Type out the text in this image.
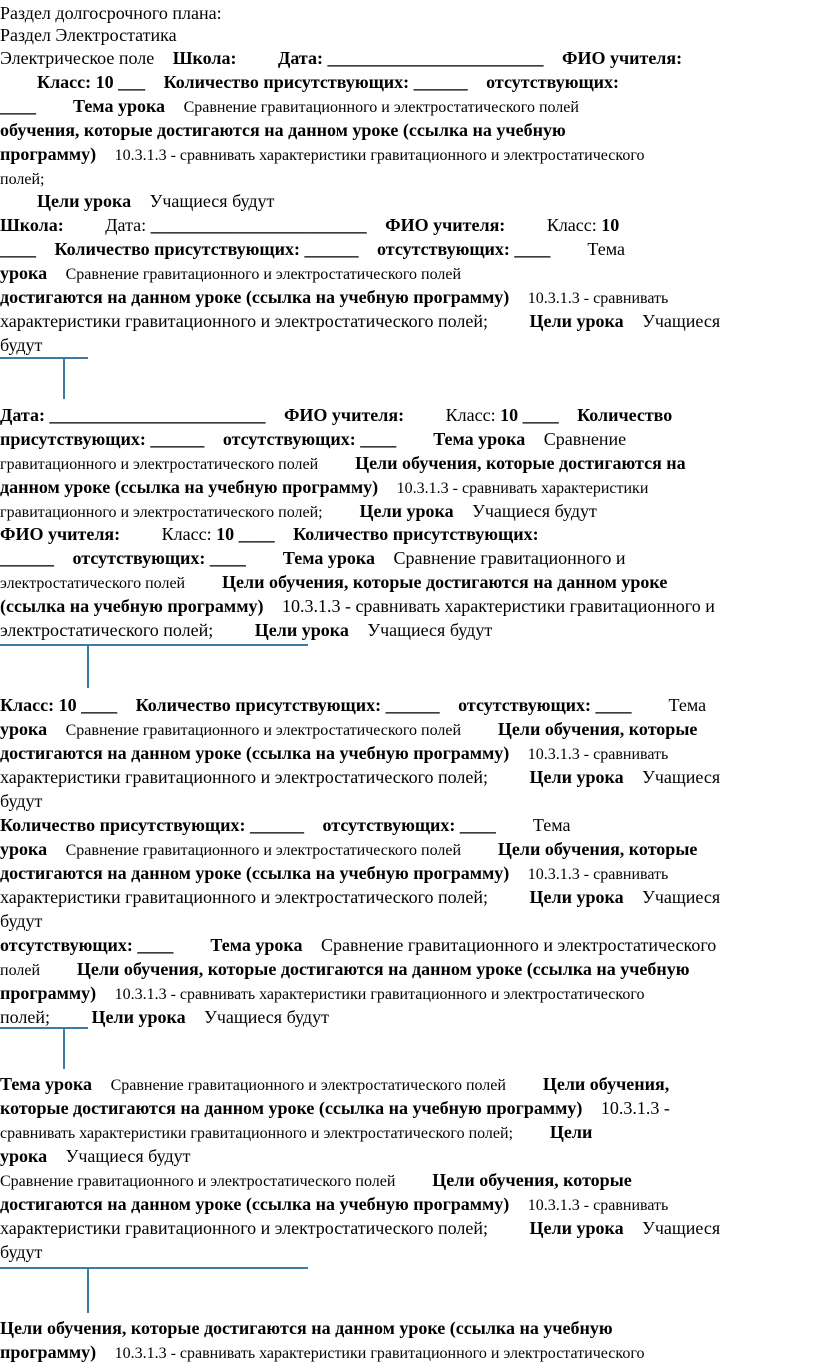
Раздел долгосрочного плана:
Раздел Электростатика
Электрическое поле Школа: Дата: ________________________ ФИО учителя:
Класс: 10 ___ Количество присутствующих: ______ отсутствующих:
____ Тема урока Сравнение гравитационного и электростатического полей
обучения, которые достигаются на данном уроке (ссылка на учебную
программу) 10.3.1.3 - сравнивать характеристики гравитационного и электростатического
полей;
Цели урока Учащиеся будут
Школа: Дата: ________________________ ФИО учителя: Класс: 10
____ Количество присутствующих: ______ отсутствующих: ____ Тема
урока Сравнение гравитационного и электростатического полей
достигаются на данном уроке (ссылка на учебную программу) 10.3.1.3 - сравнивать
характеристики гравитационного и электростатического полей; Цели урока Учащиеся
будут
Дата: ________________________ ФИО учителя: Класс: 10 ____ Количество
присутствующих: ______ отсутствующих: ____ Тема урока Сравнение
гравитационного и электростатического полей Цели обучения, которые достигаются на
данном уроке (ссылка на учебную программу) 10.3.1.3 - сравнивать характеристики
гравитационного и электростатического полей; Цели урока Учащиеся будут
ФИО учителя: Класс: 10 ____ Количество присутствующих:
______ отсутствующих: ____ Тема урока Сравнение гравитационного и
электростатического полей Цели обучения, которые достигаются на данном уроке
(ссылка на учебную программу) 10.3.1.3 - сравнивать характеристики гравитационного и
электростатического полей; Цели урока Учащиеся будут
Класс: 10 ____ Количество присутствующих: ______ отсутствующих: ____ Тема
урока Сравнение гравитационного и электростатического полей Цели обучения, которые
достигаются на данном уроке (ссылка на учебную программу) 10.3.1.3 - сравнивать
характеристики гравитационного и электростатического полей; Цели урока Учащиеся
будут
Количество присутствующих: ______ отсутствующих: ____ Тема
урока Сравнение гравитационного и электростатического полей Цели обучения, которые
достигаются на данном уроке (ссылка на учебную программу) 10.3.1.3 - сравнивать
характеристики гравитационного и электростатического полей; Цели урока Учащиеся
будут
отсутствующих: ____ Тема урока Сравнение гравитационного и электростатического
полей Цели обучения, которые достигаются на данном уроке (ссылка на учебную
программу) 10.3.1.3 - сравнивать характеристики гравитационного и электростатического
полей; Цели урока Учащиеся будут
Тема урока Сравнение гравитационного и электростатического полей Цели обучения,
которые достигаются на данном уроке (ссылка на учебную программу) 10.3.1.3 -
сравнивать характеристики гравитационного и электростатического полей; Цели
урока Учащиеся будут
Сравнение гравитационного и электростатического полей Цели обучения, которые
достигаются на данном уроке (ссылка на учебную программу) 10.3.1.3 - сравнивать
характеристики гравитационного и электростатического полей; Цели урока Учащиеся
будут
Цели обучения, которые достигаются на данном уроке (ссылка на учебную
программу) 10.3.1.3 - сравнивать характеристики гравитационного и электростатического
